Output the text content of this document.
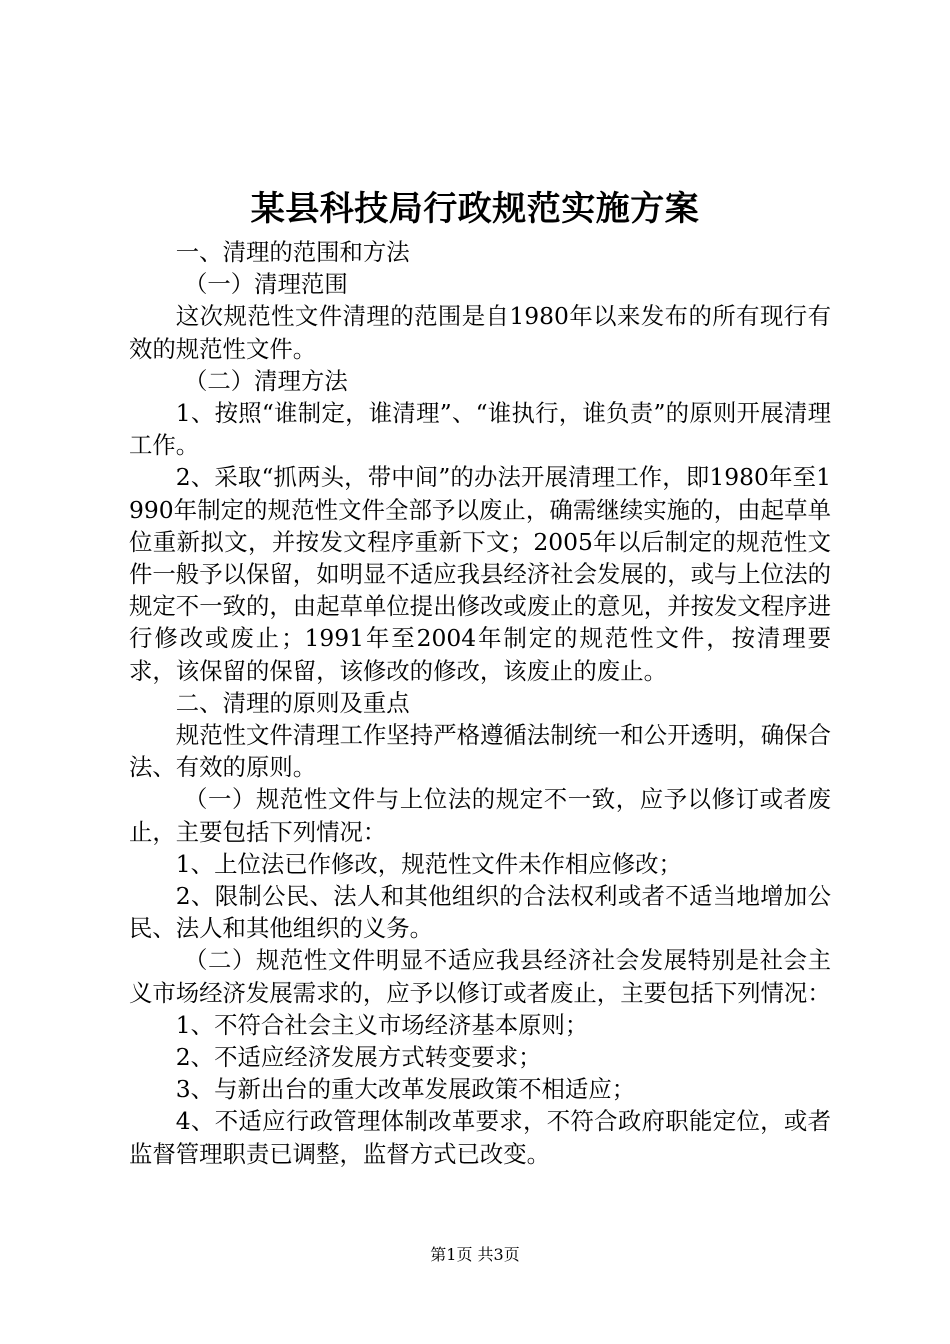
某县科技局行政规范实施方案

一、清理的范围和方法

（一）清理范围

这次规范性文件清理的范围是自1980年以来发布的所有现行有效的规范性文件。

（二）清理方法

1、按照“谁制定，谁清理”、“谁执行，谁负责”的原则开展清理工作。

2、采取“抓两头，带中间”的办法开展清理工作，即1980年至1990年制定的规范性文件全部予以废止，确需继续实施的，由起草单位重新拟文，并按发文程序重新下文；2005年以后制定的规范性文件一般予以保留，如明显不适应我县经济社会发展的，或与上位法的规定不一致的，由起草单位提出修改或废止的意见，并按发文程序进行修改或废止；1991年至2004年制定的规范性文件，按清理要求，该保留的保留，该修改的修改，该废止的废止。

二、清理的原则及重点

规范性文件清理工作坚持严格遵循法制统一和公开透明，确保合法、有效的原则。

（一）规范性文件与上位法的规定不一致，应予以修订或者废止，主要包括下列情况：

1、上位法已作修改，规范性文件未作相应修改；

2、限制公民、法人和其他组织的合法权利或者不适当地增加公民、法人和其他组织的义务。

（二）规范性文件明显不适应我县经济社会发展特别是社会主义市场经济发展需求的，应予以修订或者废止，主要包括下列情况：

1、不符合社会主义市场经济基本原则；

2、不适应经济发展方式转变要求；

3、与新出台的重大改革发展政策不相适应；

4、不适应行政管理体制改革要求，不符合政府职能定位，或者监督管理职责已调整，监督方式已改变。

第1页 共3页
